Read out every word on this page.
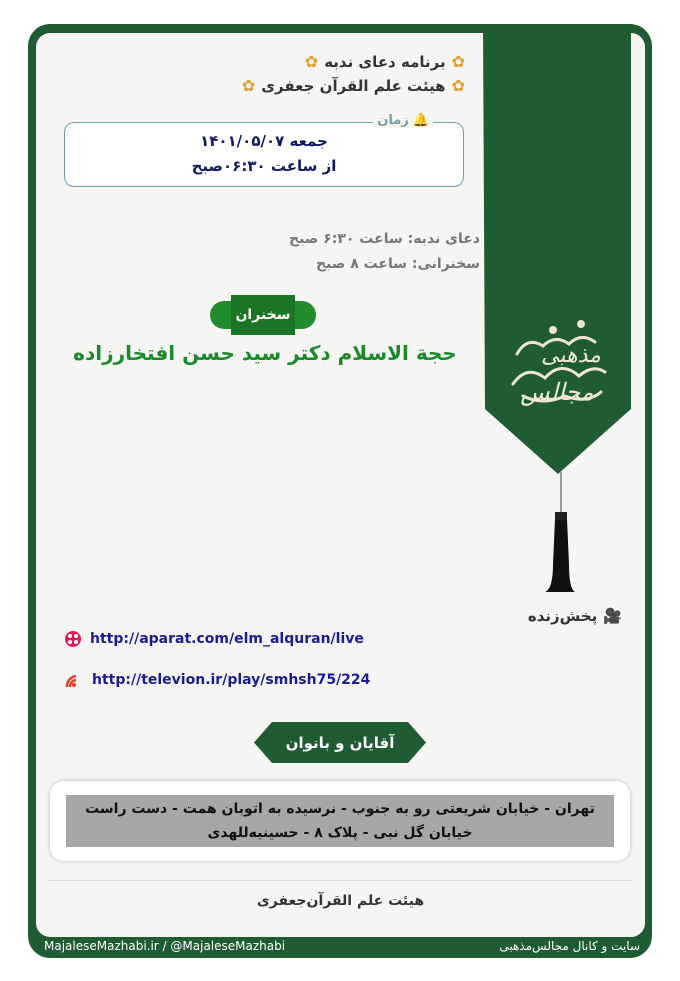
✿
برنامه دعای ندبه
✿
✿
هیئت علم القرآن جعفری
✿
🔔
زمان
جمعه ۱۴۰۱/۰۵/۰۷
از ساعت ۰۶:۳۰صبح
دعای ندبه: ساعت ۶:۳۰ صبح
سخنرانی: ساعت ۸ صبح
سخنران
حجة الاسلام دکتر سید حسن افتخارزاده	مذهبی
مجالس
🎥
پخش‌زنده
http://aparat.com/elm_alquran/live
http://televion.ir/play/smhsh75/224
آقایان و بانوان
تهران - خیابان شریعتی رو به جنوب - نرسیده به اتوبان همت - دست راست خیابان گل نبی - پلاک ۸ - حسینیه‌للهدی
هیئت علم القرآن‌جعفری
MajaleseMazhabi.ir / @MajaleseMazhabi	سایت و کانال مجالس‌مذهبی
